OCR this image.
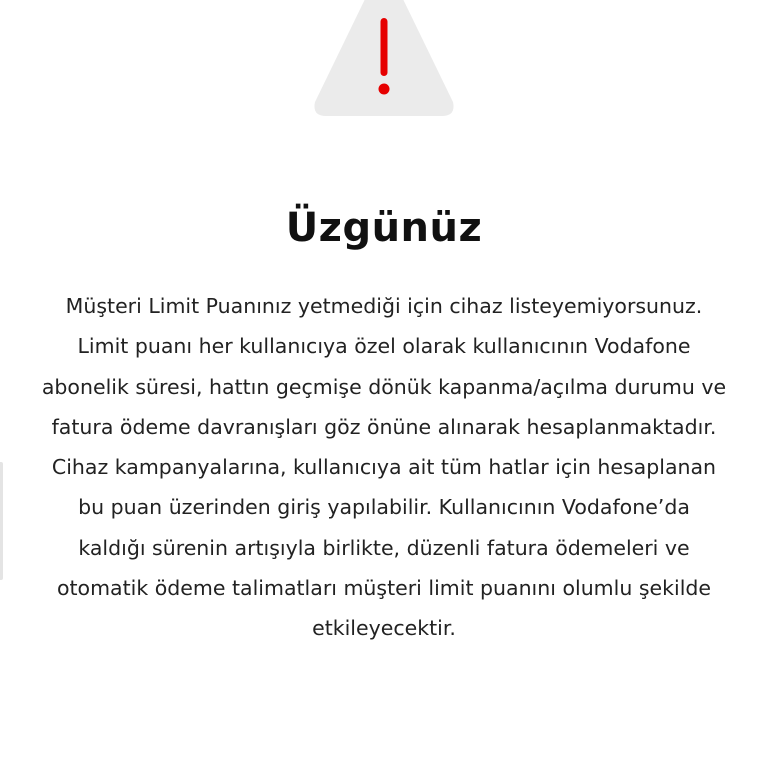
Üzgünüz

Müşteri Limit Puanınız yetmediği için cihaz listeyemiyorsunuz.
Limit puanı her kullanıcıya özel olarak kullanıcının Vodafone
abonelik süresi, hattın geçmişe dönük kapanma/açılma durumu ve
fatura ödeme davranışları göz önüne alınarak hesaplanmaktadır.
Cihaz kampanyalarına, kullanıcıya ait tüm hatlar için hesaplanan
bu puan üzerinden giriş yapılabilir. Kullanıcının Vodafone’da
kaldığı sürenin artışıyla birlikte, düzenli fatura ödemeleri ve
otomatik ödeme talimatları müşteri limit puanını olumlu şekilde
etkileyecektir.
